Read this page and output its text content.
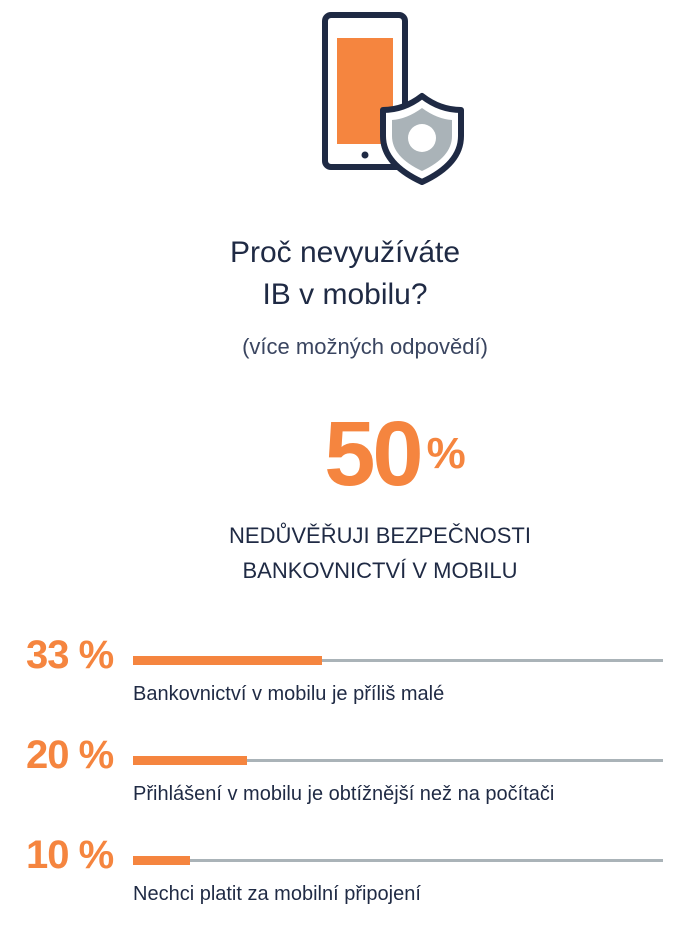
Proč nevyužíváte
IB v mobilu?
(více možných odpovědí)
50 %
NEDŮVĚŘUJI BEZPEČNOSTI
BANKOVNICTVÍ V MOBILU
33 %
Bankovnictví v mobilu je příliš malé
20 %
Přihlášení v mobilu je obtížnější než na počítači
10 %
Nechci platit za mobilní připojení
